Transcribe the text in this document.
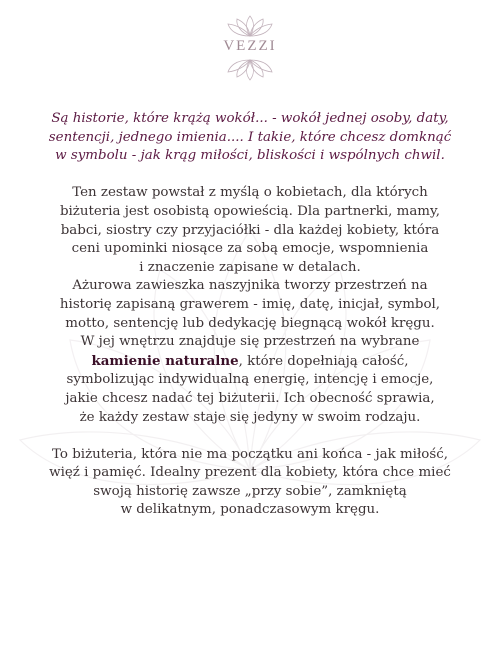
VEZZI

Są historie, które krążą wokół... - wokół jednej osoby, daty,
sentencji, jednego imienia.... I takie, które chcesz domknąć
w symbolu - jak krąg miłości, bliskości i wspólnych chwil.

Ten zestaw powstał z myślą o kobietach, dla których
biżuteria jest osobistą opowieścią. Dla partnerki, mamy,
babci, siostry czy przyjaciółki - dla każdej kobiety, która
ceni upominki niosące za sobą emocje, wspomnienia
i znaczenie zapisane w detalach.
Ażurowa zawieszka naszyjnika tworzy przestrzeń na
historię zapisaną grawerem - imię, datę, inicjał, symbol,
motto, sentencję lub dedykację biegnącą wokół kręgu.
W jej wnętrzu znajduje się przestrzeń na wybrane
kamienie naturalne, które dopełniają całość,
symbolizując indywidualną energię, intencję i emocje,
jakie chcesz nadać tej biżuterii. Ich obecność sprawia,
że każdy zestaw staje się jedyny w swoim rodzaju.

To biżuteria, która nie ma początku ani końca - jak miłość,
więź i pamięć. Idealny prezent dla kobiety, która chce mieć
swoją historię zawsze „przy sobie”, zamkniętą
w delikatnym, ponadczasowym kręgu.
